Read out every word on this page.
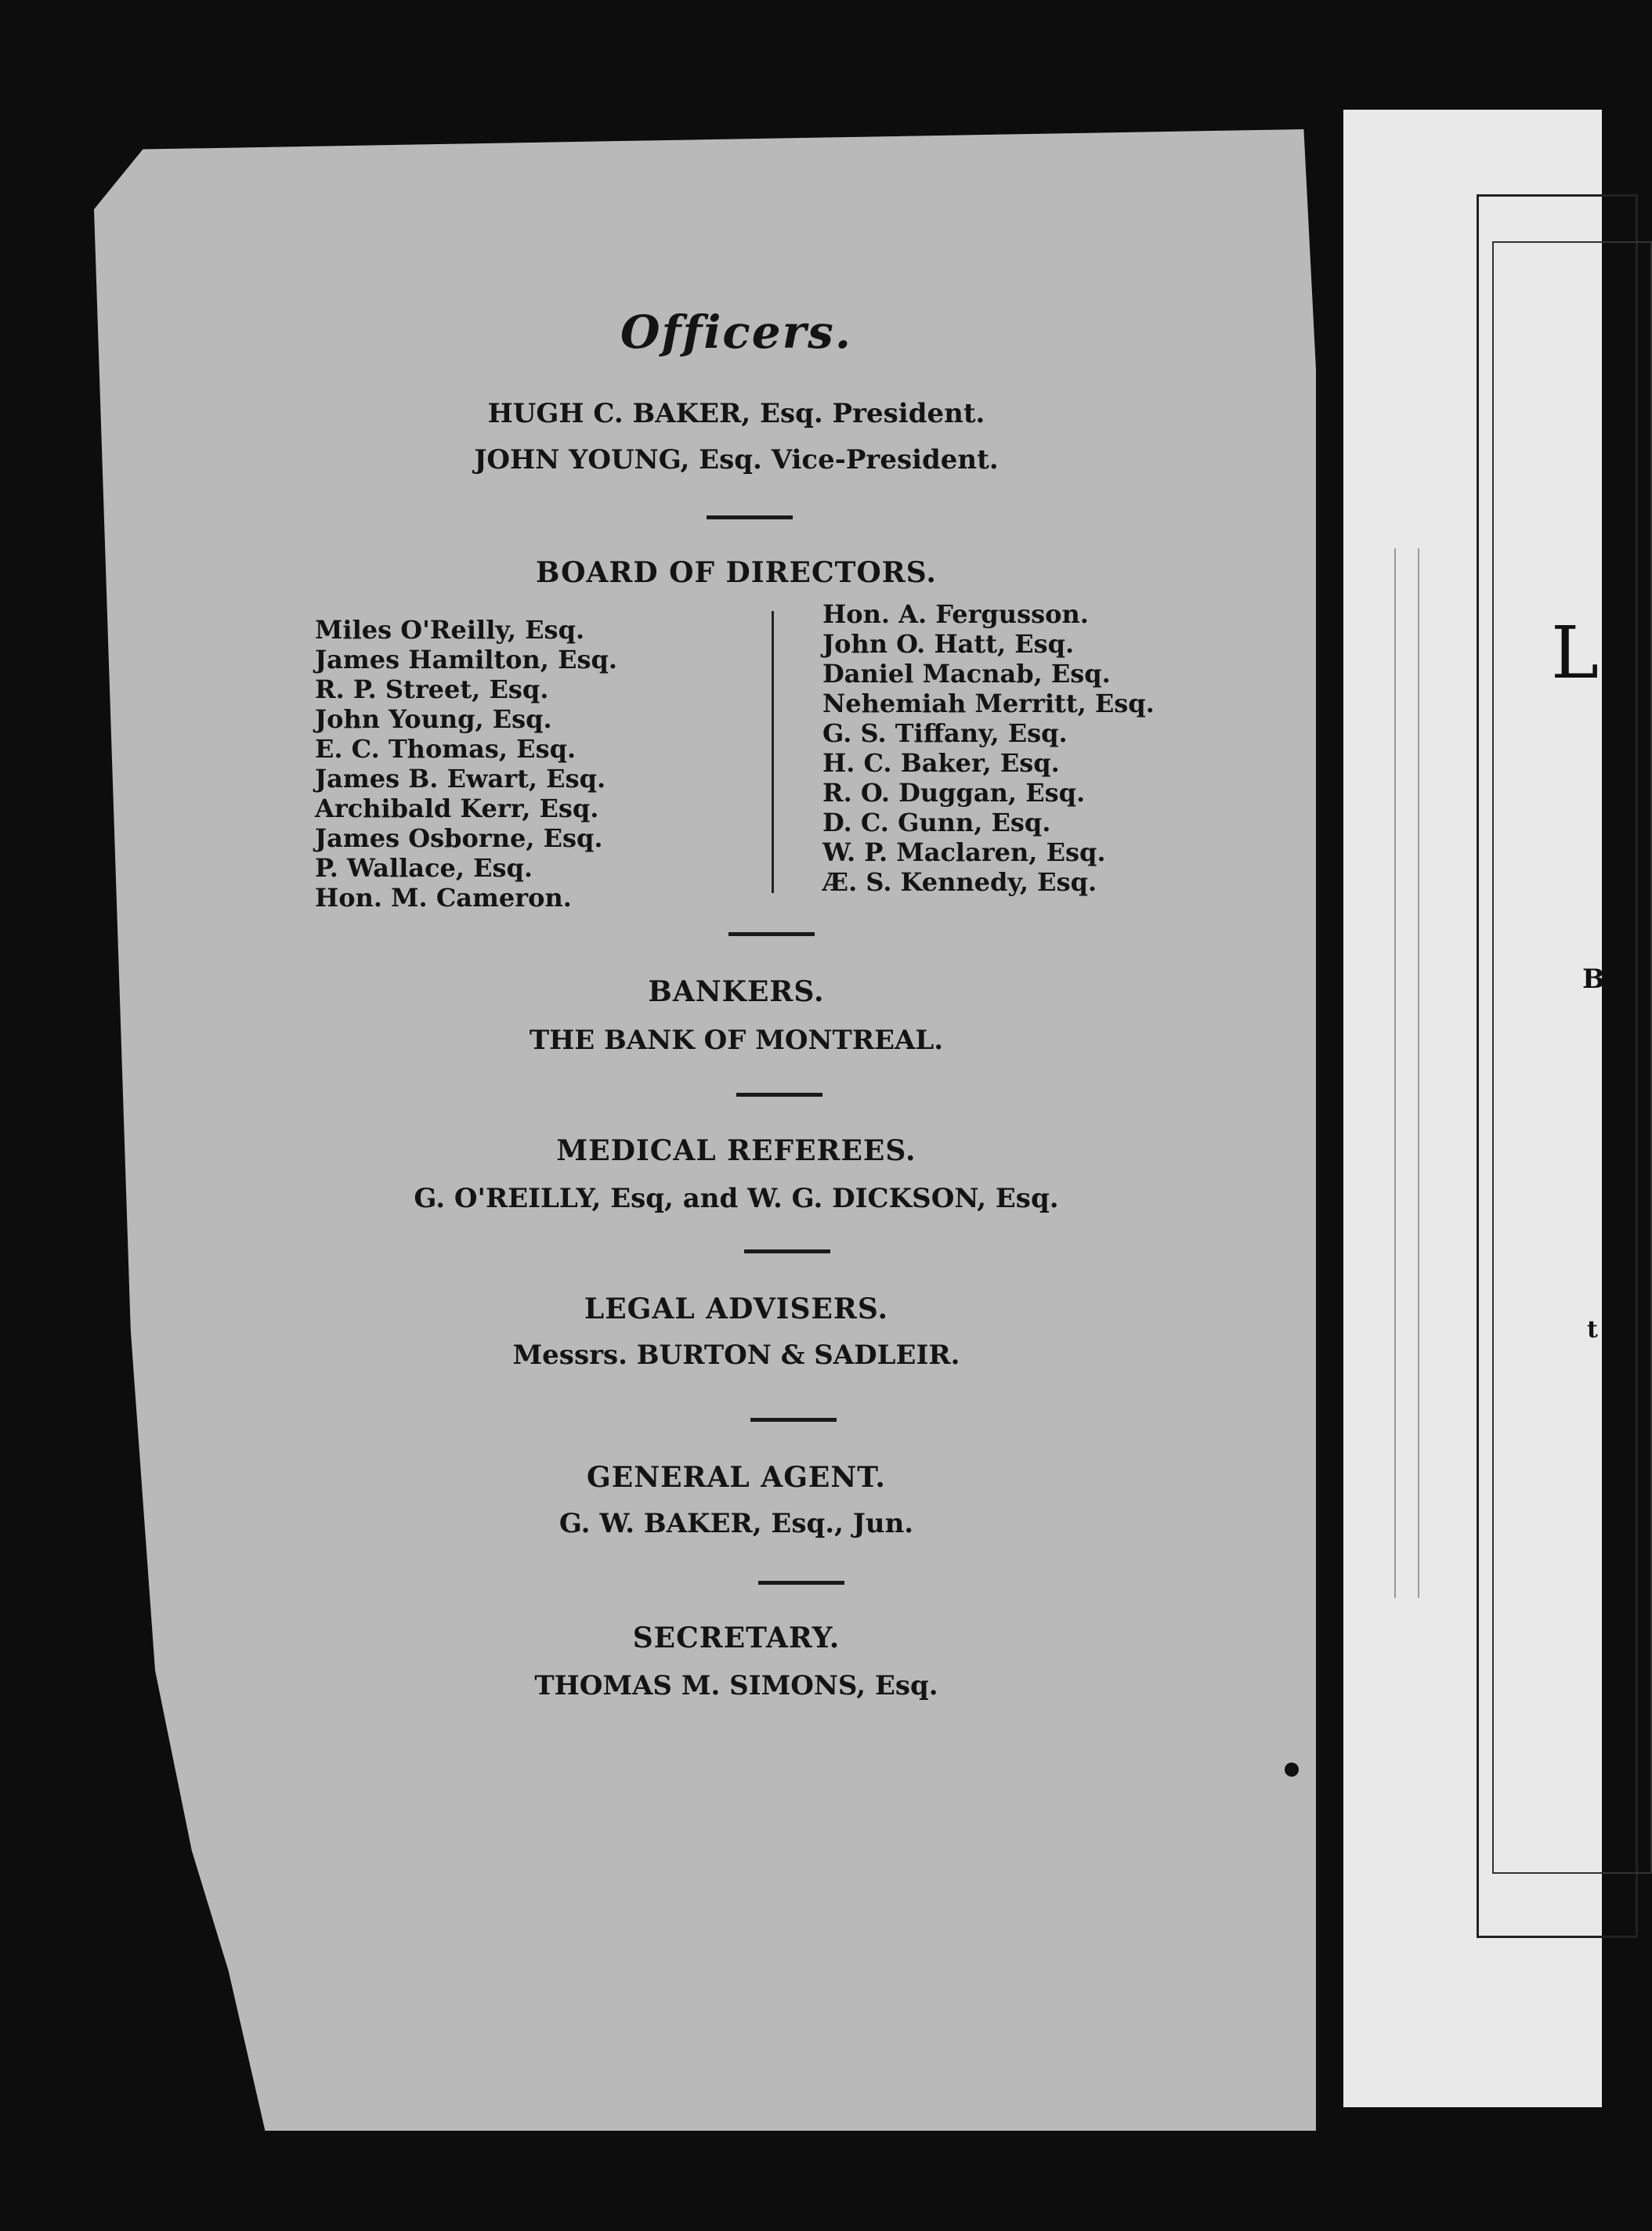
L
B
t
Officers.
HUGH C. BAKER, Esq. President.
JOHN YOUNG, Esq. Vice-President.
BOARD OF DIRECTORS.
Miles O'Reilly, Esq.
James Hamilton, Esq.
R. P. Street, Esq.
John Young, Esq.
E. C. Thomas, Esq.
James B. Ewart, Esq.
Archibald Kerr, Esq.
James Osborne, Esq.
P. Wallace, Esq.
Hon. M. Cameron.
Hon. A. Fergusson.
John O. Hatt, Esq.
Daniel Macnab, Esq.
Nehemiah Merritt, Esq.
G. S. Tiffany, Esq.
H. C. Baker, Esq.
R. O. Duggan, Esq.
D. C. Gunn, Esq.
W. P. Maclaren, Esq.
Æ. S. Kennedy, Esq.
BANKERS.
THE BANK OF MONTREAL.
MEDICAL REFEREES.
G. O'REILLY, Esq, and W. G. DICKSON, Esq.
LEGAL ADVISERS.
Messrs. BURTON & SADLEIR.
GENERAL AGENT.
G. W. BAKER, Esq., Jun.
SECRETARY.
THOMAS M. SIMONS, Esq.
